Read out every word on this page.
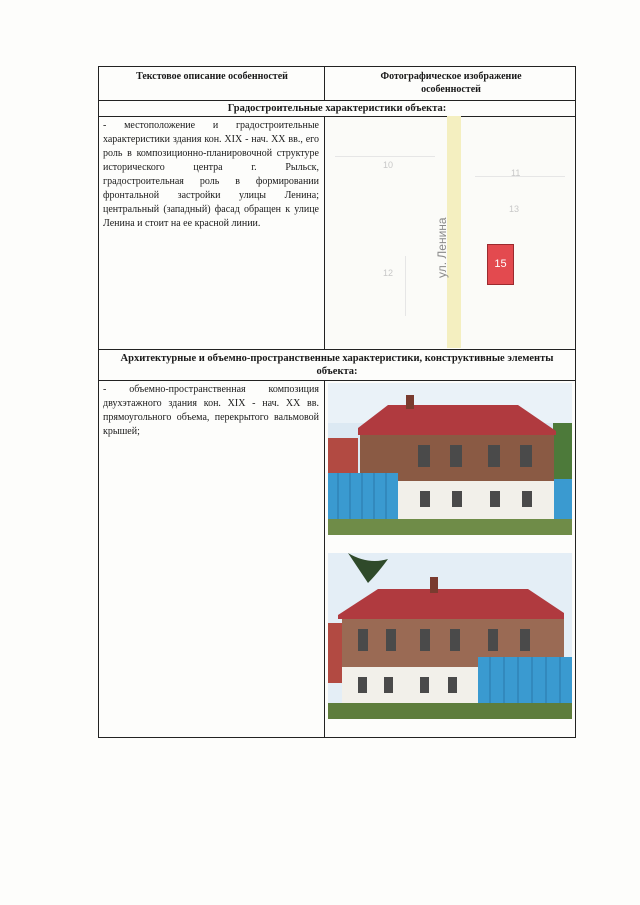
Текстовое описание особенностей	Фотографическое изображение особенностей
Градостроительные характеристики объекта:
- местоположение и градостроительные характеристики здания кон. XIX - нач. XX вв., его роль в композиционно-планировочной структуре исторического центра г. Рыльск, градостроительная роль в формировании фронтальной застройки улицы Ленина; центральный (западный) фасад обращен к улице Ленина и стоит на ее красной линии.
Архитектурные и объемно-пространственные характеристики, конструктивные элементы объекта:
- объемно-пространственная композиция двухэтажного здания кон. XIX - нач. XX вв. прямоугольного объема, перекрытого вальмовой крышей;
ул. Ленина
10
11
13
12
15
